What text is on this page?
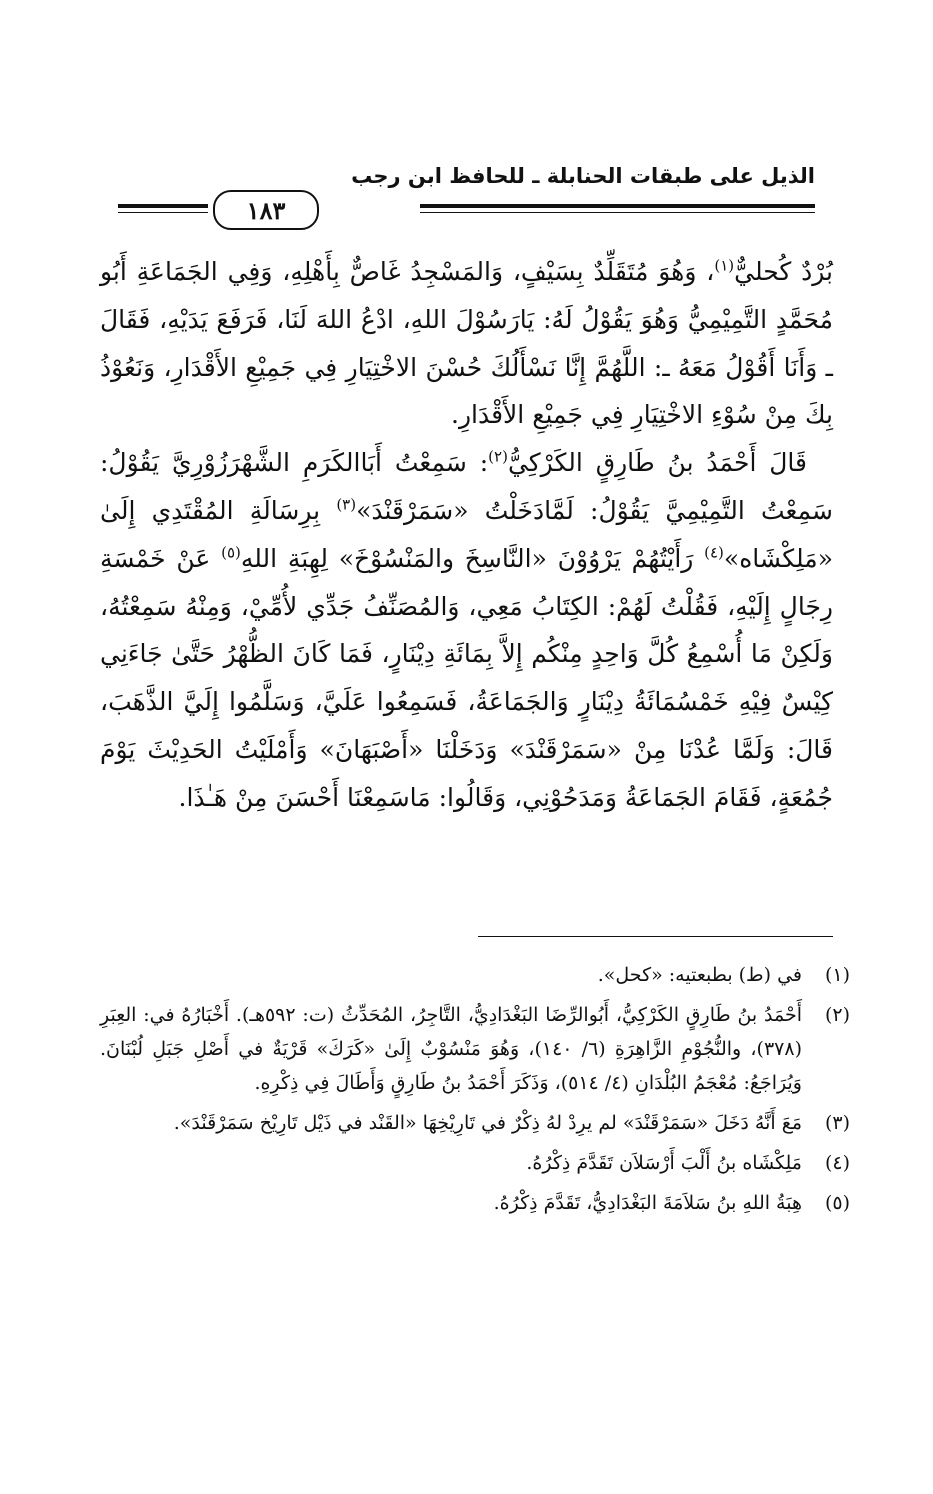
الذيل على طبقات الحنابلة ـ للحافظ ابن رجب
١٨٣

بُرْدٌ كُحليٌّ$^{(١)}$، وَهُوَ مُتَقَلِّدٌ بِسَيْفٍ، وَالمَسْجِدُ غَاصٌّ بِأَهْلِهِ، وَفِي الجَمَاعَةِ أَبُو مُحَمَّدٍ التَّمِيْمِيُّ وَهُوَ يَقُوْلُ لَهُ: يَارَسُوْلَ اللهِ، ادْعُ اللهَ لَنَا، فَرَفَعَ يَدَيْهِ، فَقَالَ ـ وَأَنَا أَقُوْلُ مَعَهُ ـ: اللَّهُمَّ إِنَّا نَسْأَلُكَ حُسْنَ الاخْتِيَارِ فِي جَمِيْعِ الأَقْدَارِ، وَنَعُوْذُ بِكَ مِنْ سُوْءِ الاخْتِيَارِ فِي جَمِيْعِ الأَقْدَارِ.

قَالَ أَحْمَدُ بنُ طَارِقٍ الكَرْكِيُّ$^{(٢)}$: سَمِعْتُ أَبَاالكَرَمِ الشَّهْرَزُوْرِيَّ يَقُوْلُ: سَمِعْتُ التَّمِيْمِيَّ يَقُوْلُ: لَمَّادَخَلْتُ «سَمَرْقَنْدَ»$^{(٣)}$ بِرِسَالَةِ المُقْتَدِي إِلَىٰ «مَلِكْشَاه»$^{(٤)}$ رَأَيْتُهُمْ يَرْوُوْنَ «النَّاسِخَ والمَنْسُوْخَ» لِهِبَةِ اللهِ$^{(٥)}$ عَنْ خَمْسَةِ رِجَالٍ إِلَيْهِ، فَقُلْتُ لَهُمْ: الكِتَابُ مَعِي، وَالمُصَنِّفُ جَدِّي لأُمِّيْ، وَمِنْهُ سَمِعْتُهُ، وَلَكِنْ مَا أُسْمِعُ كُلَّ وَاحِدٍ مِنْكُم إِلاَّ بِمَائَةِ دِيْنَارٍ، فَمَا كَانَ الظُّهْرُ حَتَّىٰ جَاءَنِي كِيْسٌ فِيْهِ خَمْسُمَائَةُ دِيْنَارٍ وَالجَمَاعَةُ، فَسَمِعُوا عَلَيَّ، وَسَلَّمُوا إِلَيَّ الذَّهَبَ، قَالَ: وَلَمَّا عُدْنَا مِنْ «سَمَرْقَنْدَ» وَدَخَلْنَا «أَصْبَهَانَ» وَأَمْلَيْتُ الحَدِيْثَ يَوْمَ جُمُعَةٍ، فَقَامَ الجَمَاعَةُ وَمَدَحُوْنِي، وَقَالُوا: مَاسَمِعْنَا أَحْسَنَ مِنْ هَـٰذَا.

(١)
في (ط) بطبعتيه: «كحل».
(٢)
أَحْمَدُ بنُ طَارِقٍ الكَرْكِيُّ، أَبُوالرِّضَا البَغْدَادِيُّ، التَّاجِرُ، المُحَدِّثُ (ت: ٥٩٢هـ). أَخْبَارُهُ في: العِبَرِ (٣٧٨)، والنُّجُوْمِ الزَّاهِرَةِ (٦/ ١٤٠)، وَهُوَ مَنْسُوْبٌ إِلَىٰ «كَرَكَ» قَرْيَةٌ في أَصْلِ جَبَلِ لُبْنَانَ. وَيُرَاجَعُ: مُعْجَمُ البُلْدَانِ (٤/ ٥١٤)، وَذَكَرَ أَحْمَدُ بنُ طَارِقٍ وَأَطَالَ فِي ذِكْرِهِ.
(٣)
مَعَ أَنَّهُ دَخَلَ «سَمَرْقَنْدَ» لم يرِدْ لهُ ذِكْرٌ في تَارِيْخِهَا «القَنْد في ذَيْل تَارِيْخ سَمَرْقَنْدَ».
(٤)
مَلِكْشَاه بنُ أَلْبَ أَرْسَلاَن تَقَدَّمَ ذِكْرُهُ.
(٥)
هِبَةُ اللهِ بنُ سَلاَمَةَ البَغْدَادِيُّ، تَقَدَّمَ ذِكْرُهُ.
